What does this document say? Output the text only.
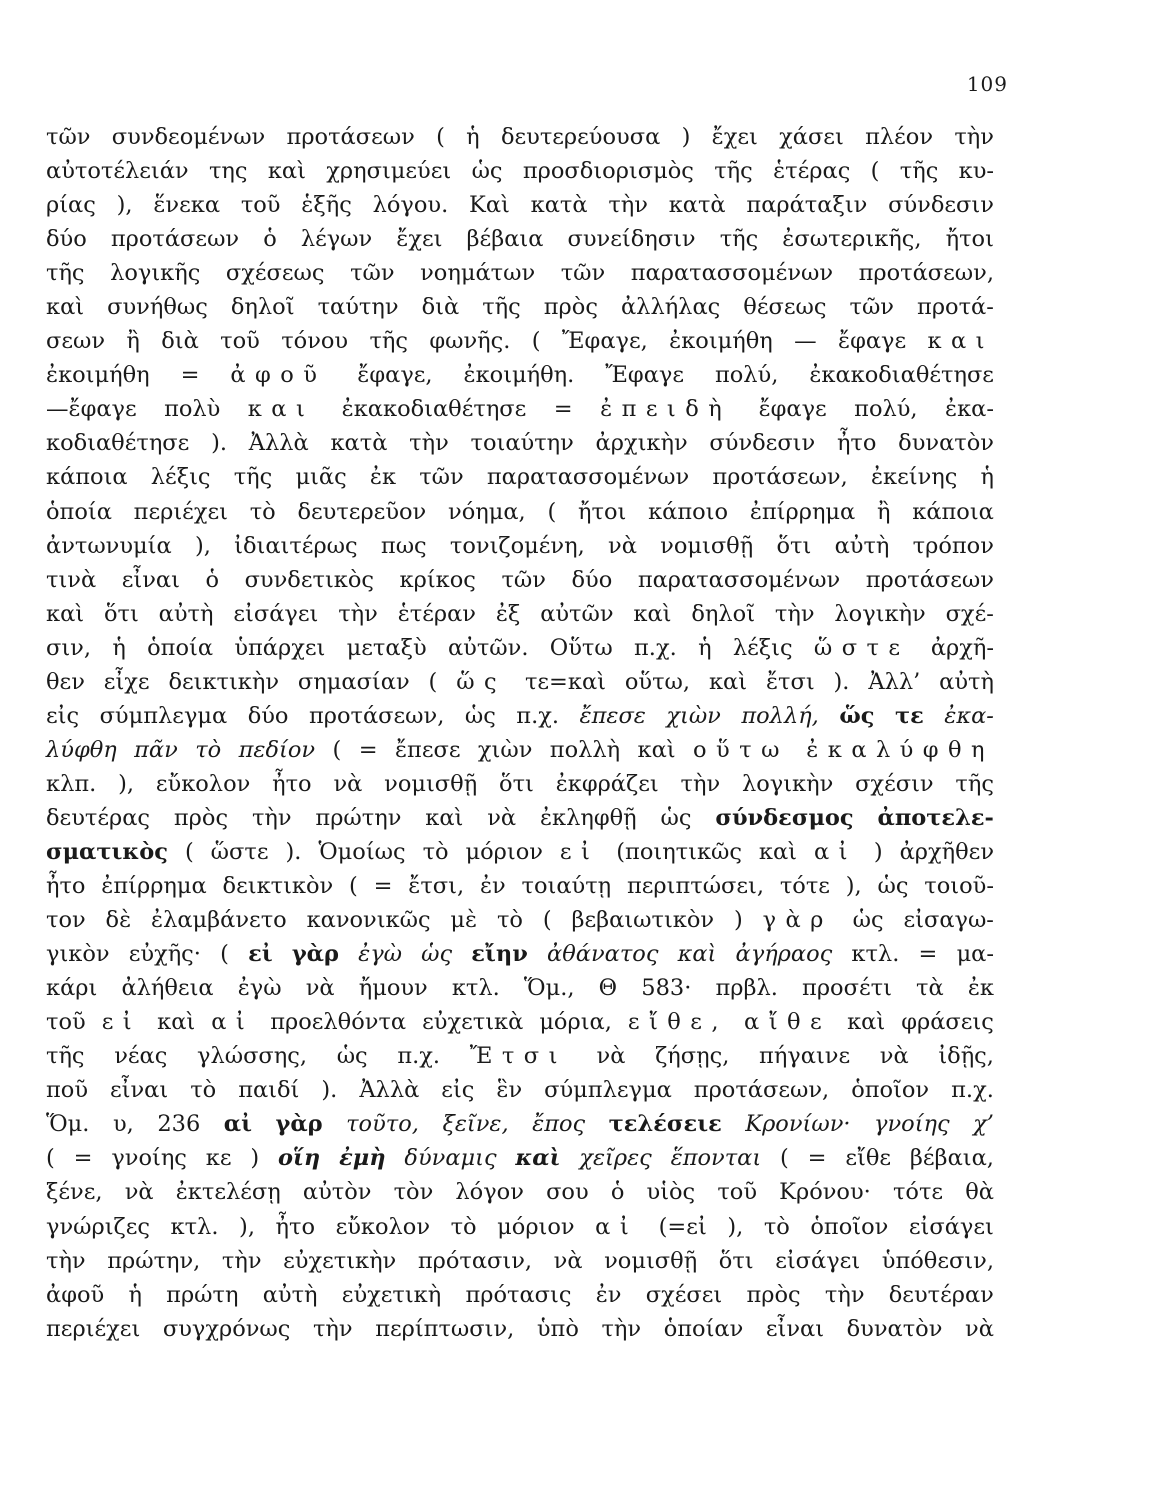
109
τῶν συνδεομένων προτάσεων ( ἡ δευτερεύουσα ) ἔχει χάσει πλέον τὴν
αὐτοτέλειάν της καὶ χρησιμεύει ὡς προσδιορισμὸς τῆς ἑτέρας ( τῆς κυ-
ρίας ), ἕνεκα τοῦ ἑξῆς λόγου. Καὶ κατὰ τὴν κατὰ παράταξιν σύνδεσιν
δύο προτάσεων ὁ λέγων ἔχει βέβαια συνείδησιν τῆς ἐσωτερικῆς, ἤτοι
τῆς λογικῆς σχέσεως τῶν νοημάτων τῶν παρατασσομένων προτάσεων,
καὶ συνήθως δηλοῖ ταύτην διὰ τῆς πρὸς ἀλλήλας θέσεως τῶν προτά-
σεων ἢ διὰ τοῦ τόνου τῆς φωνῆς. ( Ἔφαγε, ἐκοιμήθη — ἔφαγε και
ἐκοιμήθη = ἀφοῦ ἔφαγε, ἐκοιμήθη. Ἔφαγε πολύ, ἐκακοδιαθέτησε
—ἔφαγε πολὺ και ἐκακοδιαθέτησε = ἐπειδὴ ἔφαγε πολύ, ἐκα-
κοδιαθέτησε ). Ἀλλὰ κατὰ τὴν τοιαύτην ἀρχικὴν σύνδεσιν ἦτο δυνατὸν
κάποια λέξις τῆς μιᾶς ἐκ τῶν παρατασσομένων προτάσεων, ἐκείνης ἡ
ὁποία περιέχει τὸ δευτερεῦον νόημα, ( ἤτοι κάποιο ἐπίρρημα ἢ κάποια
ἀντωνυμία ), ἰδιαιτέρως πως τονιζομένη, νὰ νομισθῇ ὅτι αὐτὴ τρόπον
τινὰ εἶναι ὁ συνδετικὸς κρίκος τῶν δύο παρατασσομένων προτάσεων
καὶ ὅτι αὐτὴ εἰσάγει τὴν ἑτέραν ἐξ αὐτῶν καὶ δηλοῖ τὴν λογικὴν σχέ-
σιν, ἡ ὁποία ὑπάρχει μεταξὺ αὐτῶν. Οὕτω π.χ. ἡ λέξις ὥστε ἀρχῆ-
θεν εἶχε δεικτικὴν σημασίαν ( ὥς τε=καὶ οὕτω, καὶ ἔτσι ). Ἀλλ’ αὐτὴ
εἰς σύμπλεγμα δύο προτάσεων, ὡς π.χ. ἔπεσε χιὼν πολλή, ὥς τε ἐκα-
λύφθη πᾶν τὸ πεδίον ( = ἔπεσε χιὼν πολλὴ καὶ οὕτω ἐκαλύφθη
κλπ. ), εὔκολον ἦτο νὰ νομισθῇ ὅτι ἐκφράζει τὴν λογικὴν σχέσιν τῆς
δευτέρας πρὸς τὴν πρώτην καὶ νὰ ἐκληφθῇ ὡς σύνδεσμος ἀποτελε-
σματικὸς ( ὥστε ). Ὁμοίως τὸ μόριον εἰ (ποιητικῶς καὶ αἰ ) ἀρχῆθεν
ἦτο ἐπίρρημα δεικτικὸν ( = ἔτσι, ἐν τοιαύτῃ περιπτώσει, τότε ), ὡς τοιοῦ-
τον δὲ ἐλαμβάνετο κανονικῶς μὲ τὸ ( βεβαιωτικὸν ) γὰρ ὡς εἰσαγω-
γικὸν εὐχῆς· ( εἰ γὰρ ἐγὼ ὡς εἴην ἀθάνατος καὶ ἀγήραος κτλ. = μα-
κάρι ἀλήθεια ἐγὼ νὰ ἤμουν κτλ. Ὅμ., Θ 583· πρβλ. προσέτι τὰ ἐκ
τοῦ εἰ καὶ αἰ προελθόντα εὐχετικὰ μόρια, εἴθε, αἴθε καὶ φράσεις
τῆς νέας γλώσσης, ὡς π.χ. Ἔτσι νὰ ζήσῃς, πήγαινε νὰ ἰδῇς,
ποῦ εἶναι τὸ παιδί ). Ἀλλὰ εἰς ἓν σύμπλεγμα προτάσεων, ὁποῖον π.χ.
Ὅμ. υ, 236 αἰ γὰρ τοῦτο, ξεῖνε, ἔπος τελέσειε Κρονίων· γνοίης χ’
( = γνοίης κε ) οἵη ἐμὴ δύναμις καὶ χεῖρες ἕπονται ( = εἴθε βέβαια,
ξένε, νὰ ἐκτελέσῃ αὐτὸν τὸν λόγον σου ὁ υἱὸς τοῦ Κρόνου· τότε θὰ
γνώριζες κτλ. ), ἦτο εὔκολον τὸ μόριον αἰ (=εἰ ), τὸ ὁποῖον εἰσάγει
τὴν πρώτην, τὴν εὐχετικὴν πρότασιν, νὰ νομισθῇ ὅτι εἰσάγει ὑπόθεσιν,
ἀφοῦ ἡ πρώτη αὐτὴ εὐχετικὴ πρότασις ἐν σχέσει πρὸς τὴν δευτέραν
περιέχει συγχρόνως τὴν περίπτωσιν, ὑπὸ τὴν ὁποίαν εἶναι δυνατὸν νὰ
